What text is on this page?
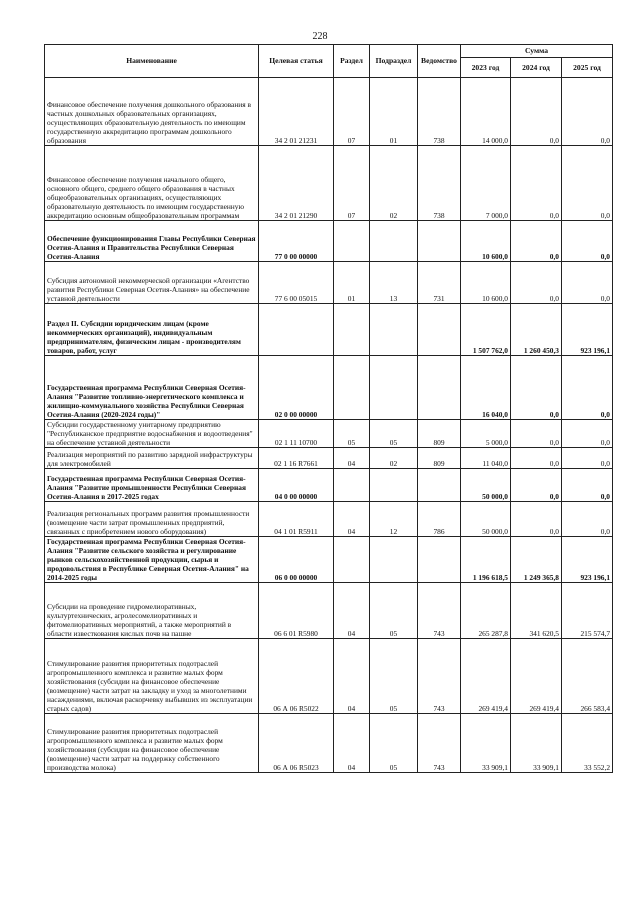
228
Наименование	Целевая статья	Раздел	Подраздел	Ведомство	Сумма		
					2023 год	2024 год	2025 год
Финансовое обеспечение получения дошкольного образования в частных дошкольных образовательных организациях, осуществляющих образовательную деятельность по имеющим государственную аккредитацию программам дошкольного образования	34 2 01 21231	07	01	738	14 000,0	0,0	0,0
Финансовое обеспечение получения начального общего, основного общего, среднего общего образования в частных общеобразовательных организациях, осуществляющих образовательную деятельность по имеющим государственную аккредитацию основным общеобразовательным программам	34 2 01 21290	07	02	738	7 000,0	0,0	0,0
Обеспечение функционирования Главы Республики Северная Осетия-Алания и Правительства Республики Северная Осетия-Алания	77 0 00 00000				10 600,0	0,0	0,0
Субсидия автономной некоммерческой организации «Агентство развития Республики Северная Осетия-Алания» на обеспечение уставной деятельности	77 6 00 05015	01	13	731	10 600,0	0,0	0,0
Раздел II. Субсидии юридическим лицам (кроме некоммерческих организаций), индивидуальным предпринимателям, физическим лицам - производителям товаров, работ, услуг					1 507 762,0	1 260 450,3	923 196,1
Государственная программа Республики Северная Осетия-Алания "Развитие топливно-энергетического комплекса и жилищно-коммунального хозяйства Республики Северная Осетия-Алания (2020-2024 годы)"	02 0 00 00000				16 040,0	0,0	0,0
Субсидии государственному унитарному предприятию "Республиканское предприятие водоснабжения и водоотведения" на обеспечение уставной деятельности	02 1 11 10700	05	05	809	5 000,0	0,0	0,0
Реализация мероприятий по развитию зарядной инфраструктуры для электромобилей	02 1 16 R7661	04	02	809	11 040,0	0,0	0,0
Государственная программа Республики Северная Осетия-Алания "Развитие промышленности Республики Северная Осетия-Алания в 2017-2025 годах	04 0 00 00000				50 000,0	0,0	0,0
Реализация региональных программ развития промышленности (возмещение части затрат промышленных предприятий, связанных с приобретением нового оборудования)	04 1 01 R5911	04	12	786	50 000,0	0,0	0,0
Государственная программа Республики Северная Осетия-Алания "Развитие сельского хозяйства и регулирование рынков сельскохозяйственной продукции, сырья и продовольствия в Республике Северная Осетия-Алания" на 2014-2025 годы	06 0 00 00000				1 196 618,5	1 249 365,8	923 196,1
Субсидии на проведение гидромелиоративных, культуртехнических, агролесомелиоративных и фитомелиоративных мероприятий, а также мероприятий в области известкования кислых почв на пашне	06 6 01 R5980	04	05	743	265 287,8	341 620,5	215 574,7
Стимулирование развития приоритетных подотраслей агропромышленного комплекса и развитие малых форм хозяйствования (субсидии на финансовое обеспечение (возмещение) части затрат на закладку и уход за многолетними насаждениями, включая раскорчевку выбывших из эксплуатации старых садов)	06 А 06 R5022	04	05	743	269 419,4	269 419,4	266 583,4
Стимулирование развития приоритетных подотраслей агропромышленного комплекса и развитие малых форм хозяйствования (субсидии на финансовое обеспечение (возмещение) части затрат на поддержку собственного производства молока)	06 А 06 R5023	04	05	743	33 909,1	33 909,1	33 552,2
